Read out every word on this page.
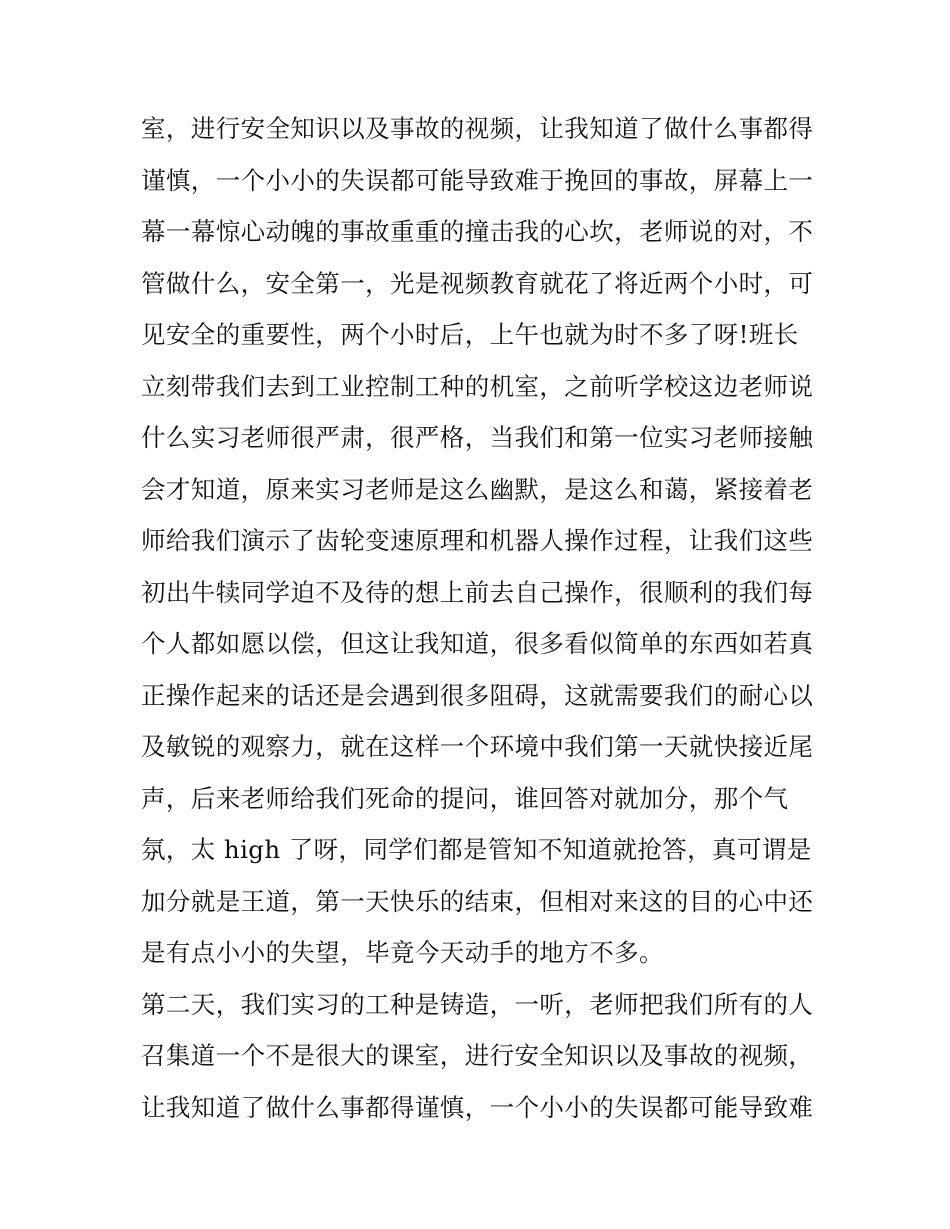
室，进行安全知识以及事故的视频，让我知道了做什么事都得
谨慎，一个小小的失误都可能导致难于挽回的事故，屏幕上一
幕一幕惊心动魄的事故重重的撞击我的心坎，老师说的对，不
管做什么，安全第一，光是视频教育就花了将近两个小时，可
见安全的重要性，两个小时后，上午也就为时不多了呀!班长
立刻带我们去到工业控制工种的机室，之前听学校这边老师说
什么实习老师很严肃，很严格，当我们和第一位实习老师接触
会才知道，原来实习老师是这么幽默，是这么和蔼，紧接着老
师给我们演示了齿轮变速原理和机器人操作过程，让我们这些
初出牛犊同学迫不及待的想上前去自己操作，很顺利的我们每
个人都如愿以偿，但这让我知道，很多看似简单的东西如若真
正操作起来的话还是会遇到很多阻碍，这就需要我们的耐心以
及敏锐的观察力，就在这样一个环境中我们第一天就快接近尾
声，后来老师给我们死命的提问，谁回答对就加分，那个气
氛，太 high 了呀，同学们都是管知不知道就抢答，真可谓是
加分就是王道，第一天快乐的结束，但相对来这的目的心中还
是有点小小的失望，毕竟今天动手的地方不多。
第二天，我们实习的工种是铸造，一听，老师把我们所有的人
召集道一个不是很大的课室，进行安全知识以及事故的视频，
让我知道了做什么事都得谨慎，一个小小的失误都可能导致难
